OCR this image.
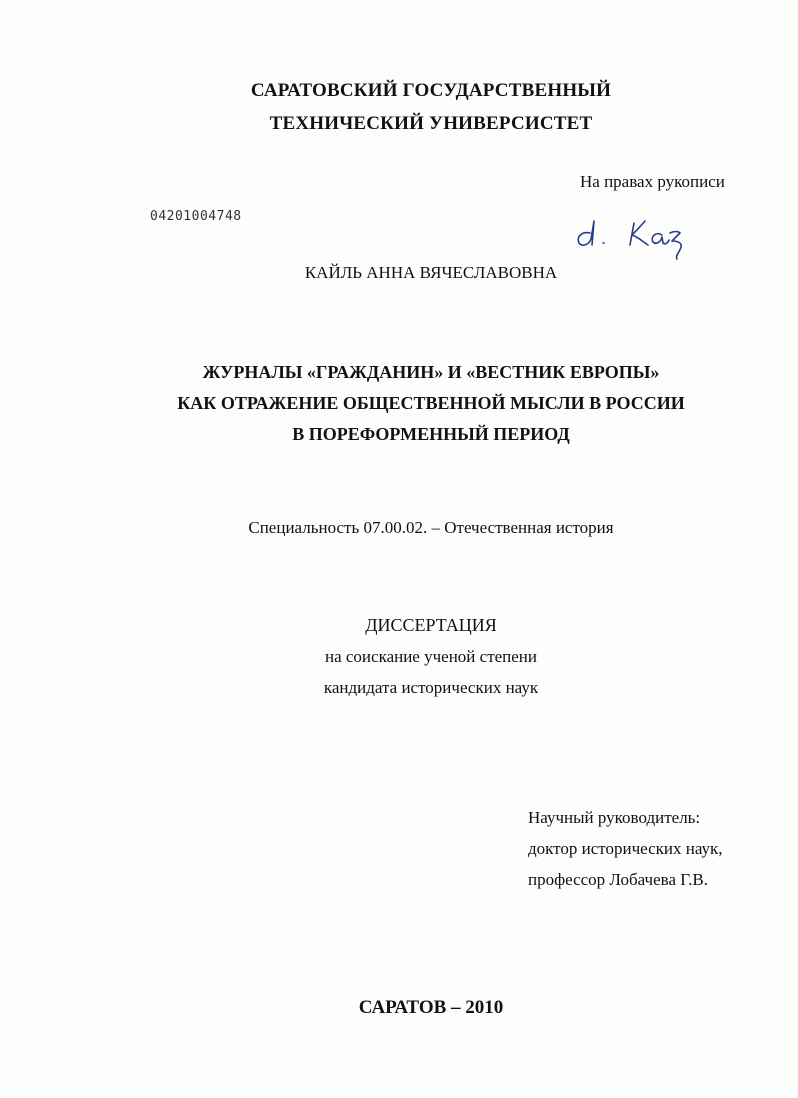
САРАТОВСКИЙ ГОСУДАРСТВЕННЫЙ
ТЕХНИЧЕСКИЙ УНИВЕРСИСТЕТ
На правах рукописи
04201004748
КАЙЛЬ АННА ВЯЧЕСЛАВОВНА
ЖУРНАЛЫ «ГРАЖДАНИН» И «ВЕСТНИК ЕВРОПЫ»
КАК ОТРАЖЕНИЕ ОБЩЕСТВЕННОЙ МЫСЛИ В РОССИИ
В ПОРЕФОРМЕННЫЙ ПЕРИОД
Специальность 07.00.02. – Отечественная история
ДИССЕРТАЦИЯ
на соискание ученой степени
кандидата исторических наук
Научный руководитель:
доктор исторических наук,
профессор Лобачева Г.В.
САРАТОВ – 2010
